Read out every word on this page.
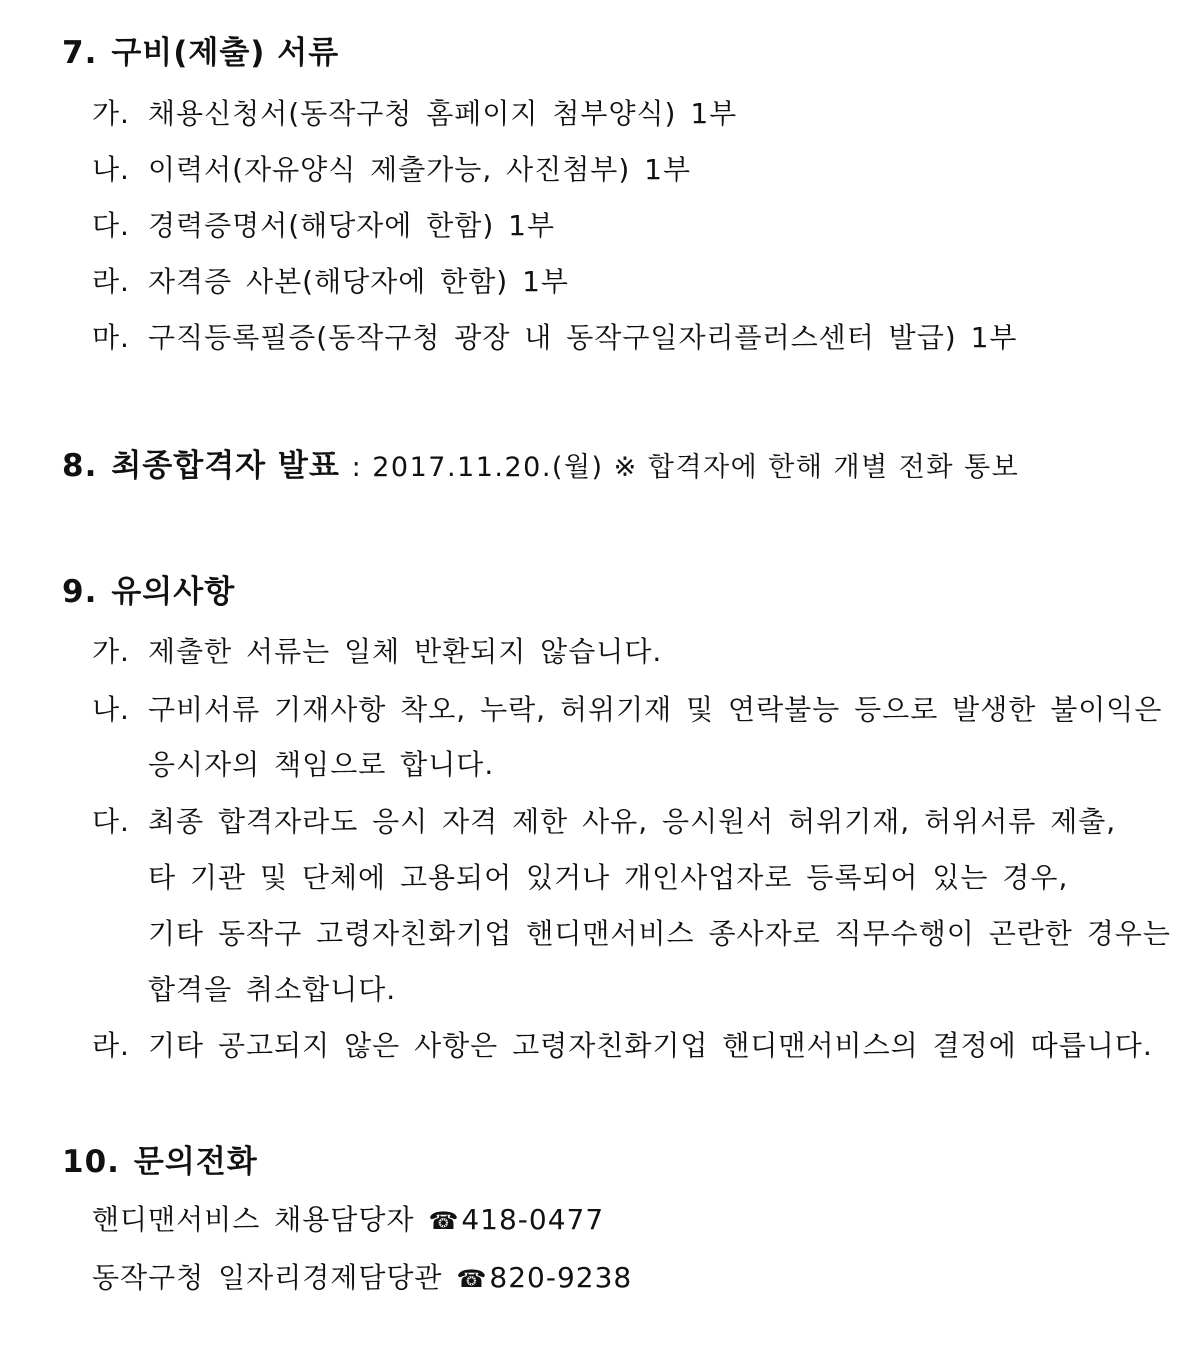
7. 구비(제출) 서류
가. 채용신청서(동작구청 홈페이지 첨부양식) 1부
나. 이력서(자유양식 제출가능, 사진첨부) 1부
다. 경력증명서(해당자에 한함) 1부
라. 자격증 사본(해당자에 한함) 1부
마. 구직등록필증(동작구청 광장 내 동작구일자리플러스센터 발급) 1부
8. 최종합격자 발표 : 2017.11.20.(월) ※ 합격자에 한해 개별 전화 통보
9. 유의사항
가. 제출한 서류는 일체 반환되지 않습니다.
나. 구비서류 기재사항 착오, 누락, 허위기재 및 연락불능 등으로 발생한 불이익은
응시자의 책임으로 합니다.
다. 최종 합격자라도 응시 자격 제한 사유, 응시원서 허위기재, 허위서류 제출,
타 기관 및 단체에 고용되어 있거나 개인사업자로 등록되어 있는 경우,
기타 동작구 고령자친화기업 핸디맨서비스 종사자로 직무수행이 곤란한 경우는
합격을 취소합니다.
라. 기타 공고되지 않은 사항은 고령자친화기업 핸디맨서비스의 결정에 따릅니다.
10. 문의전화
핸디맨서비스 채용담당자 ☎418-0477
동작구청 일자리경제담당관 ☎820-9238
